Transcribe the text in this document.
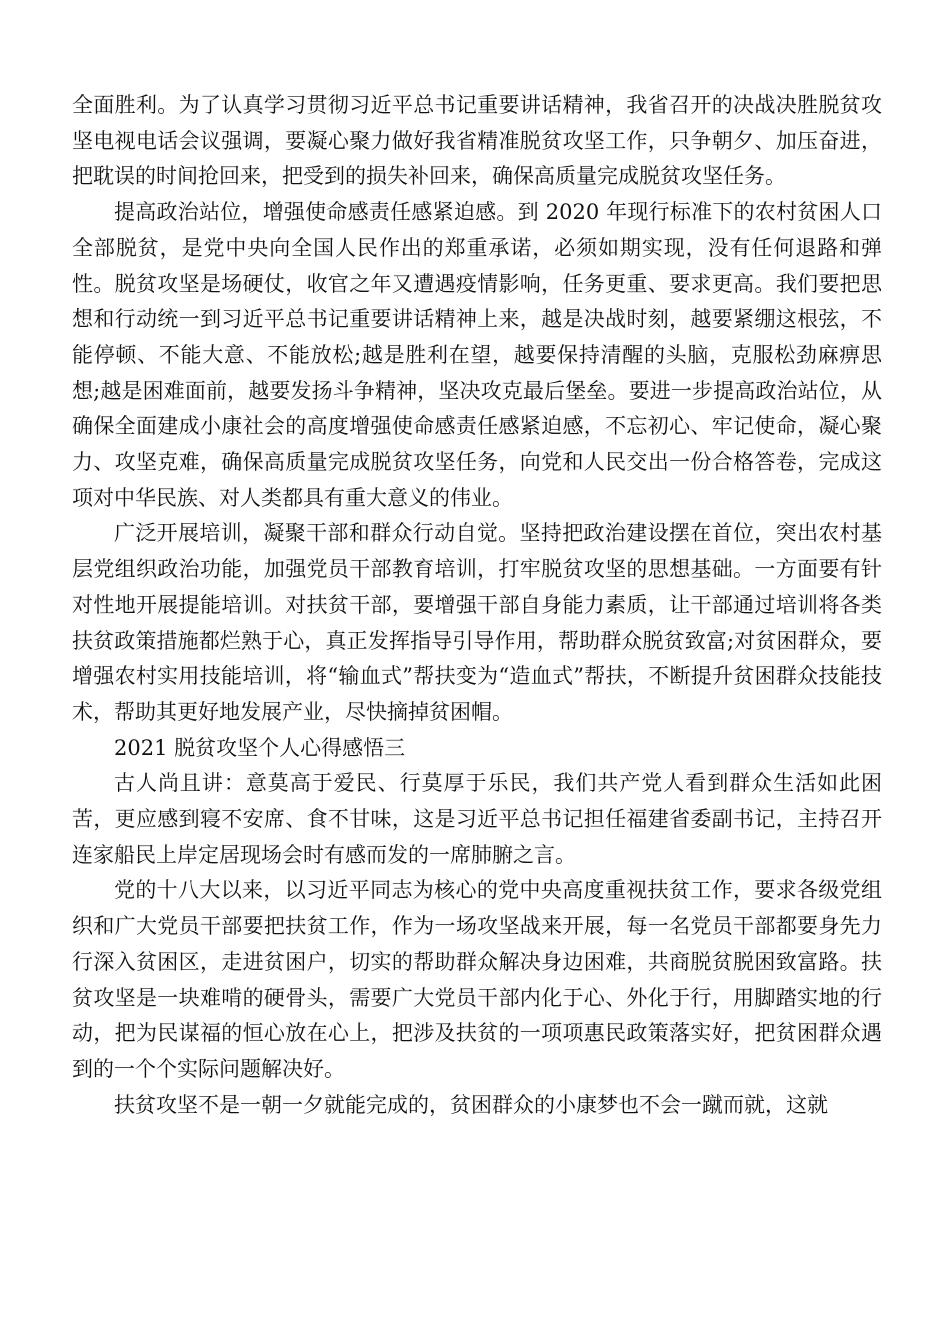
全面胜利。为了认真学习贯彻习近平总书记重要讲话精神，我省召开的决战决胜脱贫攻坚电视电话会议强调，要凝心聚力做好我省精准脱贫攻坚工作，只争朝夕、加压奋进，把耽误的时间抢回来，把受到的损失补回来，确保高质量完成脱贫攻坚任务。

提高政治站位，增强使命感责任感紧迫感。到 2020 年现行标准下的农村贫困人口全部脱贫，是党中央向全国人民作出的郑重承诺，必须如期实现，没有任何退路和弹性。脱贫攻坚是场硬仗，收官之年又遭遇疫情影响，任务更重、要求更高。我们要把思想和行动统一到习近平总书记重要讲话精神上来，越是决战时刻，越要紧绷这根弦，不能停顿、不能大意、不能放松;越是胜利在望，越要保持清醒的头脑，克服松劲麻痹思想;越是困难面前，越要发扬斗争精神，坚决攻克最后堡垒。要进一步提高政治站位，从确保全面建成小康社会的高度增强使命感责任感紧迫感，不忘初心、牢记使命，凝心聚力、攻坚克难，确保高质量完成脱贫攻坚任务，向党和人民交出一份合格答卷，完成这项对中华民族、对人类都具有重大意义的伟业。

广泛开展培训，凝聚干部和群众行动自觉。坚持把政治建设摆在首位，突出农村基层党组织政治功能，加强党员干部教育培训，打牢脱贫攻坚的思想基础。一方面要有针对性地开展提能培训。对扶贫干部，要增强干部自身能力素质，让干部通过培训将各类扶贫政策措施都烂熟于心，真正发挥指导引导作用，帮助群众脱贫致富;对贫困群众，要增强农村实用技能培训，将“输血式”帮扶变为“造血式”帮扶，不断提升贫困群众技能技术，帮助其更好地发展产业，尽快摘掉贫困帽。

2021 脱贫攻坚个人心得感悟三

古人尚且讲：意莫高于爱民、行莫厚于乐民，我们共产党人看到群众生活如此困苦，更应感到寝不安席、食不甘味，这是习近平总书记担任福建省委副书记，主持召开连家船民上岸定居现场会时有感而发的一席肺腑之言。

党的十八大以来，以习近平同志为核心的党中央高度重视扶贫工作，要求各级党组织和广大党员干部要把扶贫工作，作为一场攻坚战来开展，每一名党员干部都要身先力行深入贫困区，走进贫困户，切实的帮助群众解决身边困难，共商脱贫脱困致富路。扶贫攻坚是一块难啃的硬骨头，需要广大党员干部内化于心、外化于行，用脚踏实地的行动，把为民谋福的恒心放在心上，把涉及扶贫的一项项惠民政策落实好，把贫困群众遇到的一个个实际问题解决好。

扶贫攻坚不是一朝一夕就能完成的，贫困群众的小康梦也不会一蹴而就，这就
